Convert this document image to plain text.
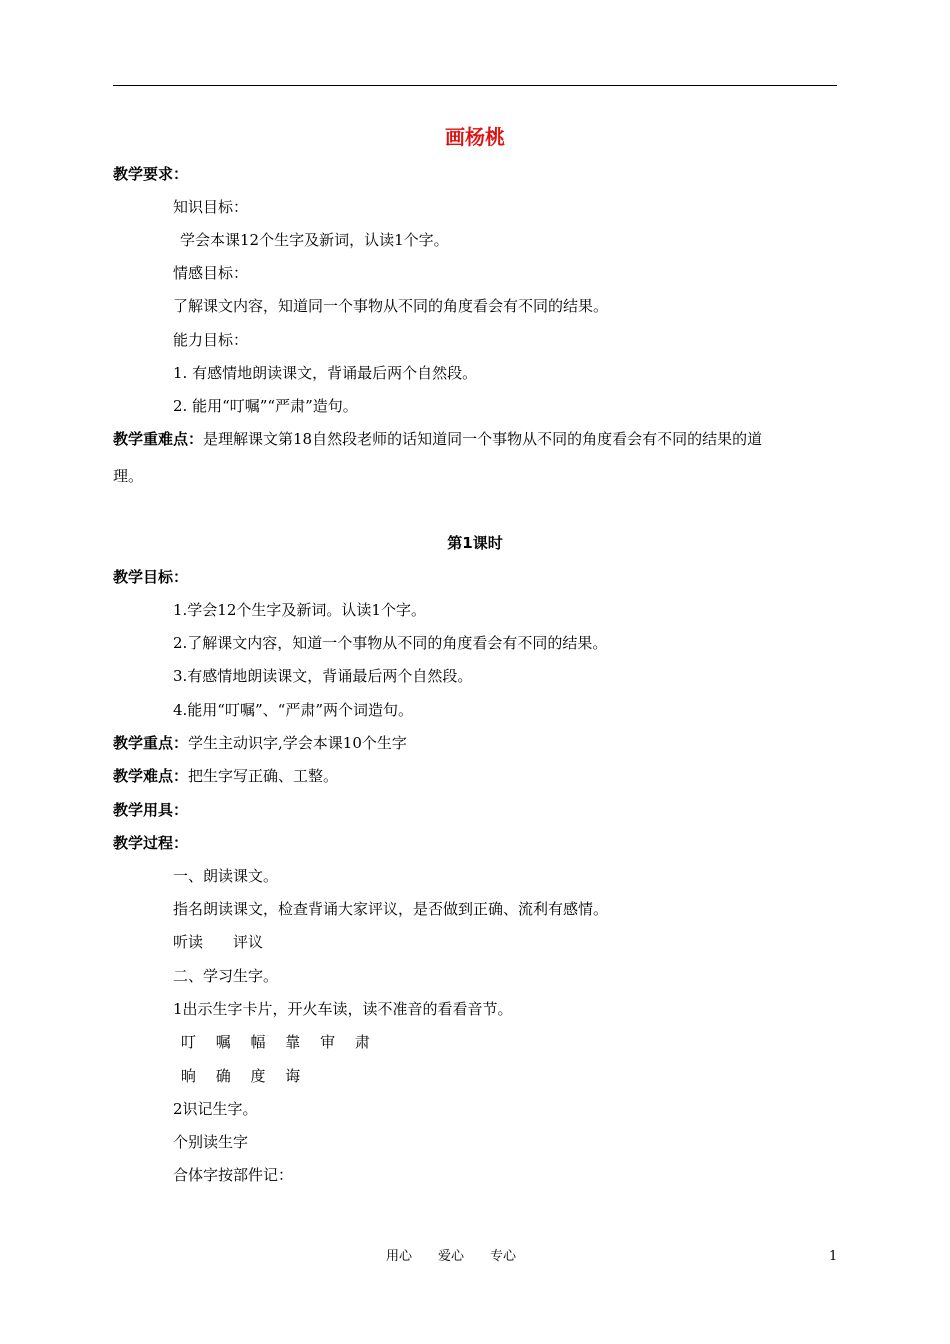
画杨桃
教学要求：
知识目标：
学会本课12个生字及新词，认读1个字。
情感目标：
了解课文内容，知道同一个事物从不同的角度看会有不同的结果。
能力目标：
1. 有感情地朗读课文，背诵最后两个自然段。
2. 能用“叮嘱”“严肃”造句。
教学重难点：是理解课文第18自然段老师的话知道同一个事物从不同的角度看会有不同的结果的道
理。
第1课时
教学目标：
1.学会12个生字及新词。认读1个字。
2.了解课文内容，知道一个事物从不同的角度看会有不同的结果。
3.有感情地朗读课文，背诵最后两个自然段。
4.能用“叮嘱”、“严肃”两个词造句。
教学重点：学生主动识字,学会本课10个生字
教学难点：把生字写正确、工整。
教学用具：
教学过程：
一、朗读课文。
指名朗读课文，检查背诵大家评议，是否做到正确、流利有感情。
听读　　评议
二、学习生字。
1出示生字卡片，开火车读，读不准音的看看音节。
　叮　 嘱　 幅　 靠　 审　 肃
　晌　 确　 度　 诲
2识记生字。
个别读生字
合体字按部件记：
用心　　爱心　　专心	1
